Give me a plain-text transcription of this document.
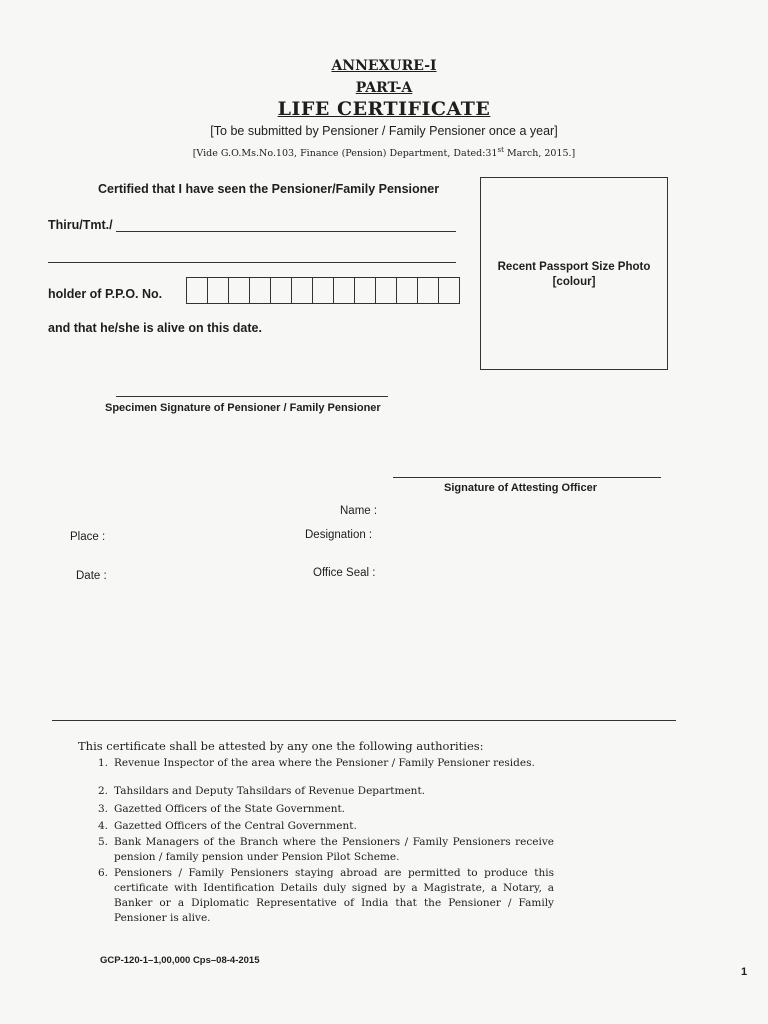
ANNEXURE-I
PART-A
LIFE CERTIFICATE
[To be submitted by Pensioner / Family Pensioner once a year]
[Vide G.O.Ms.No.103, Finance (Pension) Department, Dated:31st March, 2015.]
Certified that I have seen the Pensioner/Family Pensioner
Thiru/Tmt./
holder of P.P.O. No.
and that he/she is alive on this date.
Recent Passport Size Photo
[colour]
Specimen Signature of Pensioner / Family Pensioner
Signature of Attesting Officer
Name :
Designation :
Office Seal :
Place :
Date :
This certificate shall be attested by any one the following authorities:
1. Revenue Inspector of the area where the Pensioner / Family Pensioner resides.
2. Tahsildars and Deputy Tahsildars of Revenue Department.
3. Gazetted Officers of the State Government.
4. Gazetted Officers of the Central Government.
5. Bank Managers of the Branch where the Pensioners / Family Pensioners receive pension / family pension under Pension Pilot Scheme.
6. Pensioners / Family Pensioners staying abroad are permitted to produce this certificate with Identification Details duly signed by a Magistrate, a Notary, a Banker or a Diplomatic Representative of India that the Pensioner / Family Pensioner is alive.
GCP-120-1–1,00,000 Cps–08-4-2015
1
